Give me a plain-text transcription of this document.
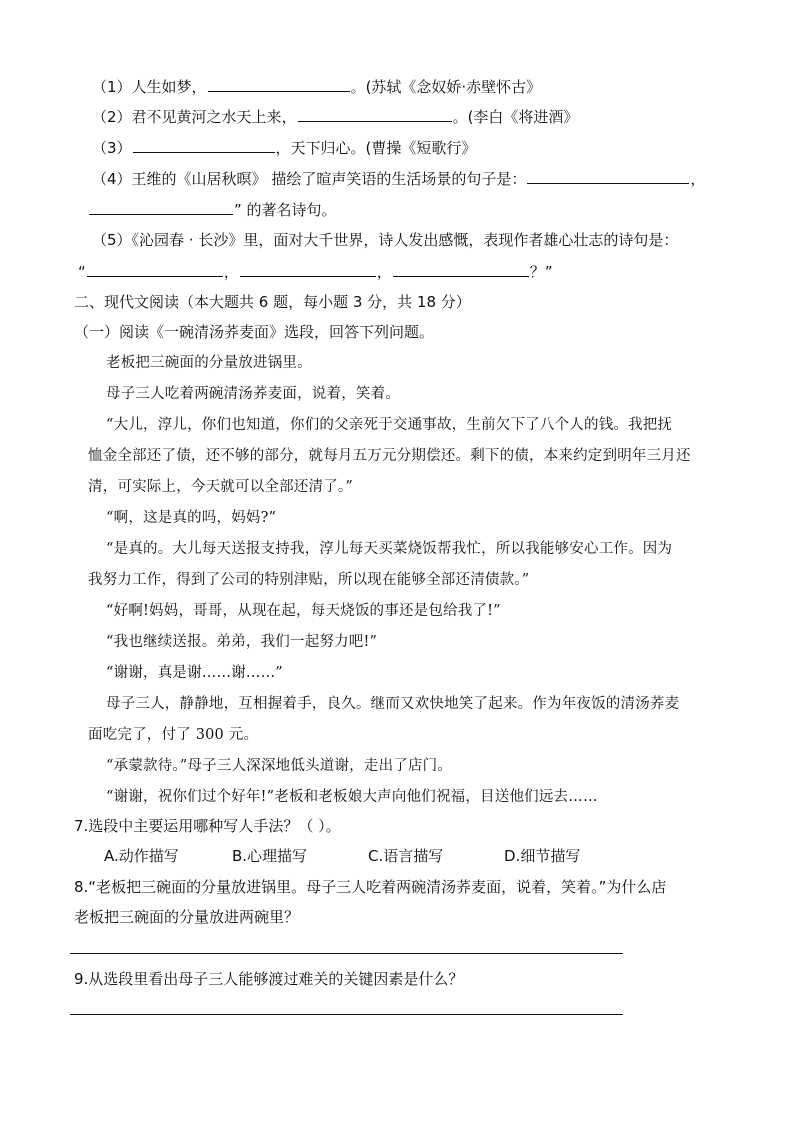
（1）人生如梦，	。(苏轼《念奴娇·赤壁怀古》
（2）君不见黄河之水天上来，	。(李白《将进酒》
（3）	，天下归心。(曹操《短歌行》
（4）王维的《山居秋暝》 描绘了暄声笑语的生活场景的句子是：	，
” 的著名诗句。
（5）《沁园春 · 长沙》里，面对大千世界，诗人发出感慨，表现作者雄心壮志的诗句是：
“	，	，	？”
二、现代文阅读（本大题共 6 题，每小题 3 分，共 18 分）
（一）阅读《一碗清汤荞麦面》选段，回答下列问题。
老板把三碗面的分量放进锅里。
母子三人吃着两碗清汤荞麦面，说着，笑着。
“大儿，淳儿，你们也知道，你们的父亲死于交通事故，生前欠下了八个人的钱。我把抚
恤金全部还了债，还不够的部分，就每月五万元分期偿还。剩下的债，本来约定到明年三月还
清，可实际上，今天就可以全部还清了。”
“啊，这是真的吗，妈妈?”
“是真的。大儿每天送报支持我，淳儿每天买菜烧饭帮我忙，所以我能够安心工作。因为
我努力工作，得到了公司的特别津贴，所以现在能够全部还清债款。”
“好啊!妈妈，哥哥，从现在起，每天烧饭的事还是包给我了!”
“我也继续送报。弟弟，我们一起努力吧!”
“谢谢，真是谢……谢……”
母子三人，静静地，互相握着手，良久。继而又欢快地笑了起来。作为年夜饭的清汤荞麦
面吃完了，付了 300 元。
“承蒙款待。”母子三人深深地低头道谢，走出了店门。
“谢谢，祝你们过个好年!”老板和老板娘大声向他们祝福，目送他们远去……
7.选段中主要运用哪种写人手法？（ ）。
A.动作描写	B.心理描写	C.语言描写	D.细节描写
8.“老板把三碗面的分量放进锅里。母子三人吃着两碗清汤荞麦面，说着，笑着。”为什么店
老板把三碗面的分量放进两碗里？
9.从选段里看出母子三人能够渡过难关的关键因素是什么？
